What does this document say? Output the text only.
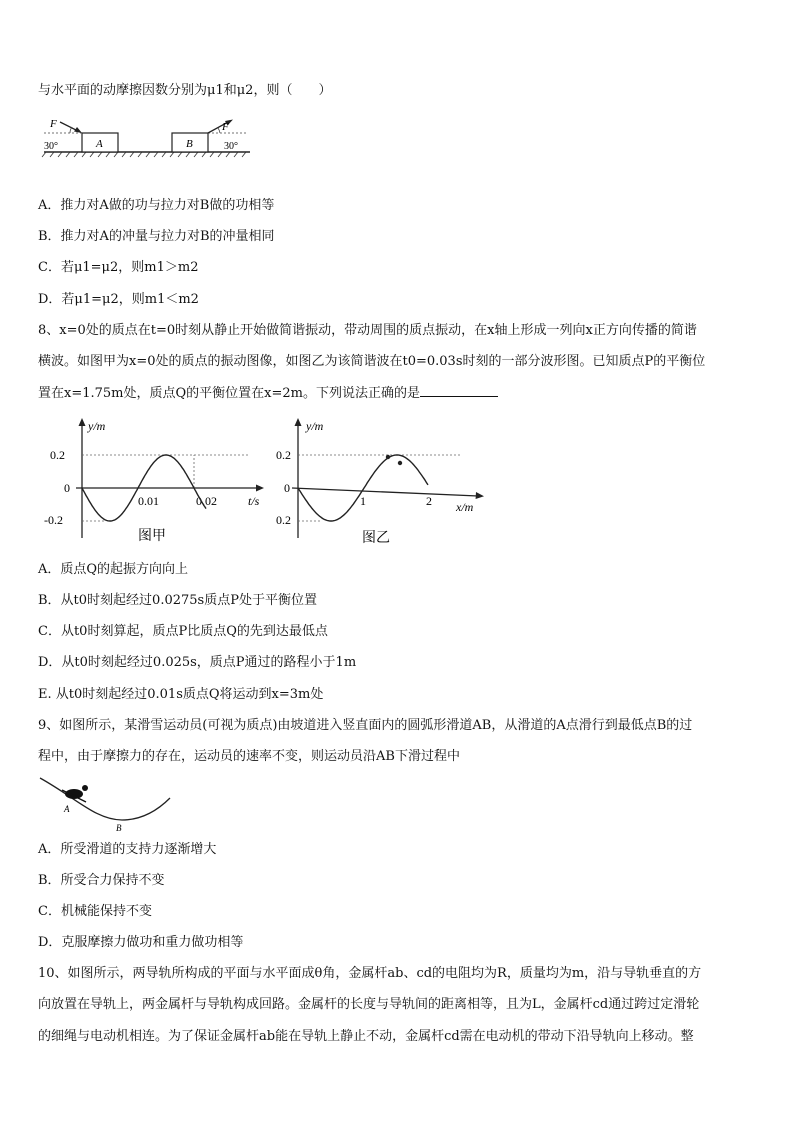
与水平面的动摩擦因数分别为μ1和μ2，则（　　）
A	B
F
30°
F
30°
A．推力对A做的功与拉力对B做的功相等
B．推力对A的冲量与拉力对B的冲量相同
C．若μ1=μ2，则m1＞m2
D．若μ1=μ2，则m1＜m2
8、x=0处的质点在t=0时刻从静止开始做简谐振动，带动周围的质点振动，在x轴上形成一列向x正方向传播的简谐
横波。如图甲为x=0处的质点的振动图像，如图乙为该简谐波在t0=0.03s时刻的一部分波形图。已知质点P的平衡位
置在x=1.75m处，质点Q的平衡位置在x=2m。下列说法正确的是
y/m
t/s
0.2
0
-0.2
0.01	0.02
图甲
y/m
x/m
0.2
0
0.2
1	2
图乙
A．质点Q的起振方向向上
B．从t0时刻起经过0.0275s质点P处于平衡位置
C．从t0时刻算起，质点P比质点Q的先到达最低点
D．从t0时刻起经过0.025s，质点P通过的路程小于1m
E. 从t0时刻起经过0.01s质点Q将运动到x=3m处
9、如图所示，某滑雪运动员(可视为质点)由坡道进入竖直面内的圆弧形滑道AB，从滑道的A点滑行到最低点B的过
程中，由于摩擦力的存在，运动员的速率不变，则运动员沿AB下滑过程中
A
B
A．所受滑道的支持力逐渐增大
B．所受合力保持不变
C．机械能保持不变
D．克服摩擦力做功和重力做功相等
10、如图所示，两导轨所构成的平面与水平面成θ角，金属杆ab、cd的电阻均为R，质量均为m，沿与导轨垂直的方
向放置在导轨上，两金属杆与导轨构成回路。金属杆的长度与导轨间的距离相等，且为L，金属杆cd通过跨过定滑轮
的细绳与电动机相连。为了保证金属杆ab能在导轨上静止不动，金属杆cd需在电动机的带动下沿导轨向上移动。整
